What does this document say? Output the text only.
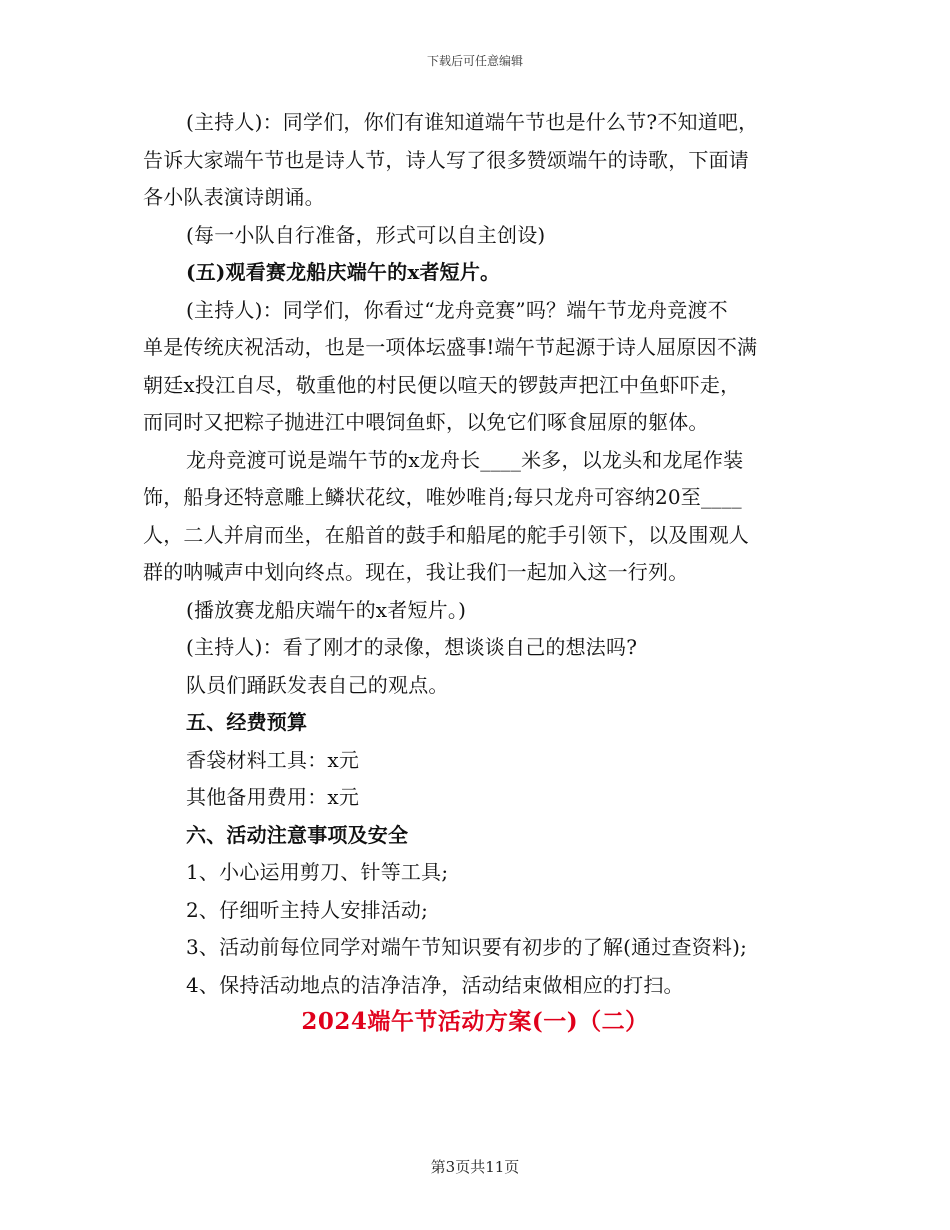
下载后可任意编辑
(主持人)：同学们，你们有谁知道端午节也是什么节?不知道吧，
告诉大家端午节也是诗人节，诗人写了很多赞颂端午的诗歌，下面请
各小队表演诗朗诵。
(每一小队自行准备，形式可以自主创设)
(五)观看赛龙船庆端午的x者短片。
(主持人)：同学们，你看过“龙舟竞赛”吗？端午节龙舟竞渡不
单是传统庆祝活动，也是一项体坛盛事!端午节起源于诗人屈原因不满
朝廷x投江自尽，敬重他的村民便以喧天的锣鼓声把江中鱼虾吓走，
而同时又把粽子抛进江中喂饲鱼虾，以免它们啄食屈原的躯体。
龙舟竞渡可说是端午节的x龙舟长____米多，以龙头和龙尾作装
饰，船身还特意雕上鳞状花纹，唯妙唯肖;每只龙舟可容纳20至____
人，二人并肩而坐，在船首的鼓手和船尾的舵手引领下，以及围观人
群的呐喊声中划向终点。现在，我让我们一起加入这一行列。
(播放赛龙船庆端午的x者短片。)
(主持人)：看了刚才的录像，想谈谈自己的想法吗?
队员们踊跃发表自己的观点。
五、经费预算
香袋材料工具：x元
其他备用费用：x元
六、活动注意事项及安全
1、小心运用剪刀、针等工具;
2、仔细听主持人安排活动;
3、活动前每位同学对端午节知识要有初步的了解(通过查资料);
4、保持活动地点的洁净洁净，活动结束做相应的打扫。
2024端午节活动方案(一)（二）
第3页共11页
